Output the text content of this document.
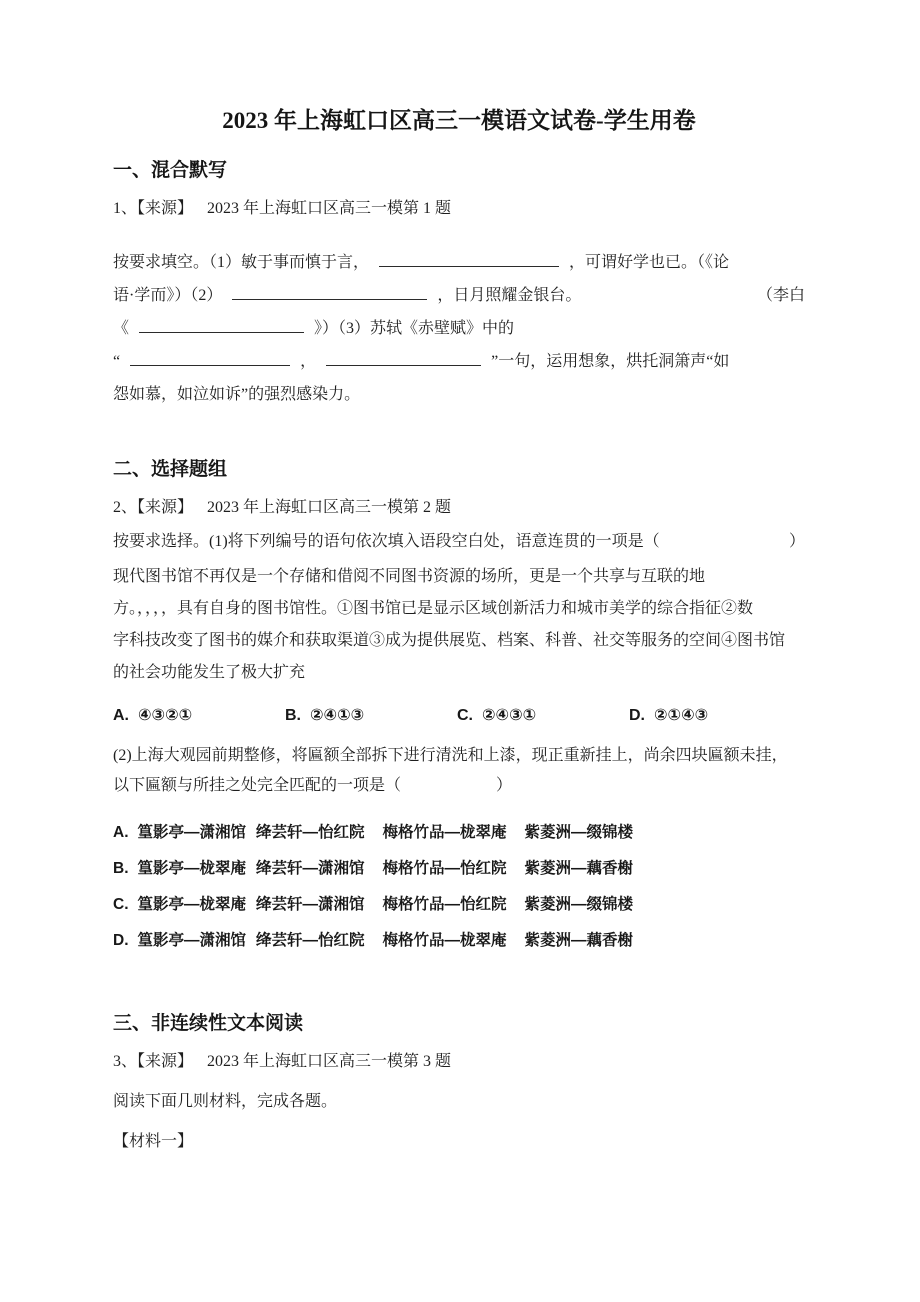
2023 年上海虹口区高三一模语文试卷-学生用卷
一、混合默写
1、【来源】 2023 年上海虹口区高三一模第 1 题
按要求填空。（1）敏于事而慎于言，	，可谓好学也已。（《论
语·学而》）（2）	，日月照耀金银台。	（李白
《	》）（3）苏轼《赤壁赋》中的
“	，	”一句，运用想象，烘托洞箫声“如
怨如慕，如泣如诉”的强烈感染力。
二、选择题组
2、【来源】 2023 年上海虹口区高三一模第 2 题
按要求选择。(1)将下列编号的语句依次填入语段空白处，语意连贯的一项是（	）
现代图书馆不再仅是一个存储和借阅不同图书资源的场所，更是一个共享与互联的地
方。，，，，具有自身的图书馆性。①图书馆已是显示区域创新活力和城市美学的综合指征②数
字科技改变了图书的媒介和获取渠道③成为提供展览、档案、科普、社交等服务的空间④图书馆
的社会功能发生了极大扩充
A. ④③②①	B. ②④①③	C. ②④③①	D. ②①④③
(2)上海大观园前期整修，将匾额全部拆下进行清洗和上漆，现正重新挂上，尚余四块匾额未挂，
以下匾额与所挂之处完全匹配的一项是（	）
A. 篁影亭—潇湘馆 绛芸轩—怡红院 梅格竹品—栊翠庵 紫菱洲—缀锦楼
B. 篁影亭—栊翠庵 绛芸轩—潇湘馆 梅格竹品—怡红院 紫菱洲—藕香榭
C. 篁影亭—栊翠庵 绛芸轩—潇湘馆 梅格竹品—怡红院 紫菱洲—缀锦楼
D. 篁影亭—潇湘馆 绛芸轩—怡红院 梅格竹品—栊翠庵 紫菱洲—藕香榭
三、非连续性文本阅读
3、【来源】 2023 年上海虹口区高三一模第 3 题
阅读下面几则材料，完成各题。
【材料一】
